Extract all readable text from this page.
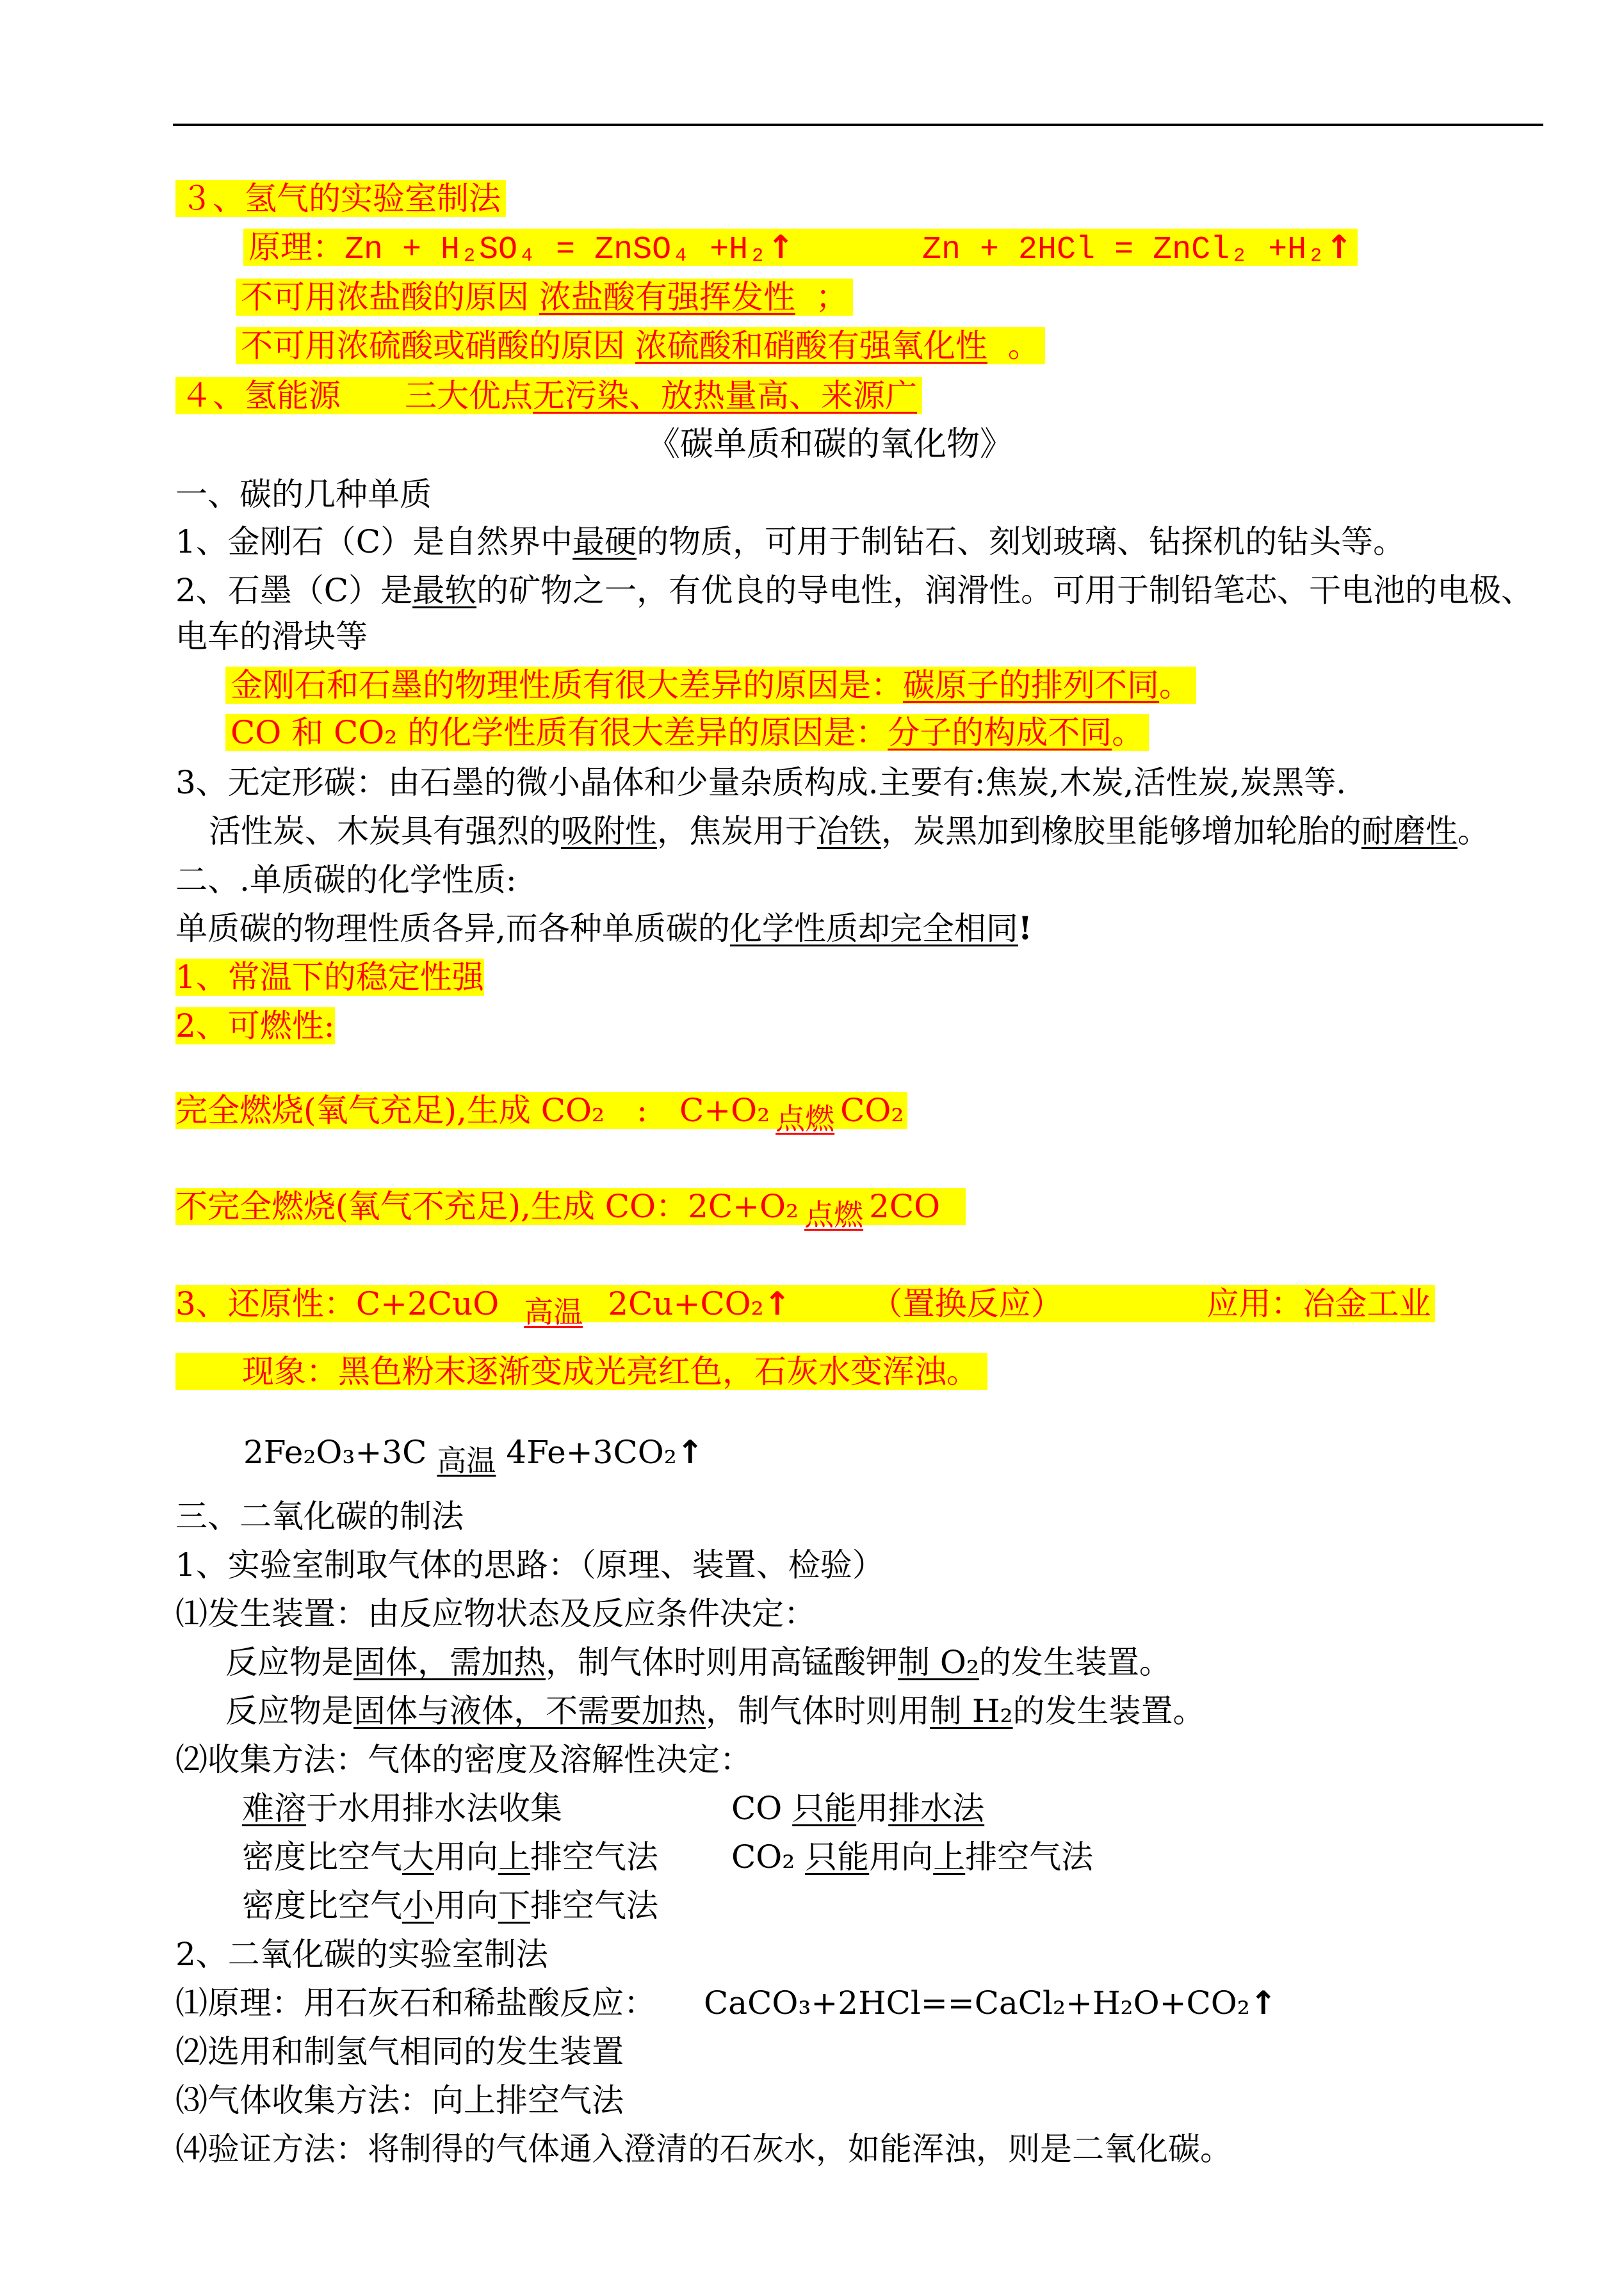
３、氢气的实验室制法
原理：Zn + H₂SO₄ = ZnSO₄ +H₂↑　　　　	Zn + 2HCl = ZnCl₂ +H₂↑
不可用浓盐酸的原因 浓盐酸有强挥发性 ；
不可用浓硫酸或硝酸的原因 浓硫酸和硝酸有强氧化性 。
４、氢能源　　三大优点无污染、放热量高、来源广
《碳单质和碳的氧化物》
一、碳的几种单质
1、金刚石（C）是自然界中最硬的物质，可用于制钻石、刻划玻璃、钻探机的钻头等。
2、石墨（C）是最软的矿物之一，有优良的导电性，润滑性。可用于制铅笔芯、干电池的电极、
电车的滑块等
金刚石和石墨的物理性质有很大差异的原因是：碳原子的排列不同。
CO 和 CO₂ 的化学性质有很大差异的原因是：分子的构成不同。
3、无定形碳：由石墨的微小晶体和少量杂质构成.主要有:焦炭,木炭,活性炭,炭黑等.
活性炭、木炭具有强烈的吸附性，焦炭用于冶铁，炭黑加到橡胶里能够增加轮胎的耐磨性。
二、.单质碳的化学性质:
单质碳的物理性质各异,而各种单质碳的化学性质却完全相同!
1、常温下的稳定性强
2、可燃性:
完全燃烧(氧气充足),生成 CO₂　:　C+O₂ 点燃 CO₂
不完全燃烧(氧气不充足),生成 CO：2C+O₂ 点燃 2CO
3、还原性：C+2CuO 高温 2Cu+CO₂↑　　　	（置换反应）　　　　　	应用：冶金工业
现象：黑色粉末逐渐变成光亮红色，石灰水变浑浊。
2Fe₂O₃+3C 高温 4Fe+3CO₂↑
三、二氧化碳的制法
1、实验室制取气体的思路：（原理、装置、检验）
⑴发生装置：由反应物状态及反应条件决定：
反应物是固体，需加热，制气体时则用高锰酸钾制 O₂的发生装置。
反应物是固体与液体，不需要加热，制气体时则用制 H₂的发生装置。
⑵收集方法：气体的密度及溶解性决定：
难溶于水用排水法收集	CO 只能用排水法
密度比空气大用向上排空气法 CO₂ 只能用向上排空气法
密度比空气小用向下排空气法
2、二氧化碳的实验室制法
⑴原理：用石灰石和稀盐酸反应：　　 CaCO₃+2HCl==CaCl₂+H₂O+CO₂↑
⑵选用和制氢气相同的发生装置
⑶气体收集方法：向上排空气法
⑷验证方法：将制得的气体通入澄清的石灰水，如能浑浊，则是二氧化碳。
